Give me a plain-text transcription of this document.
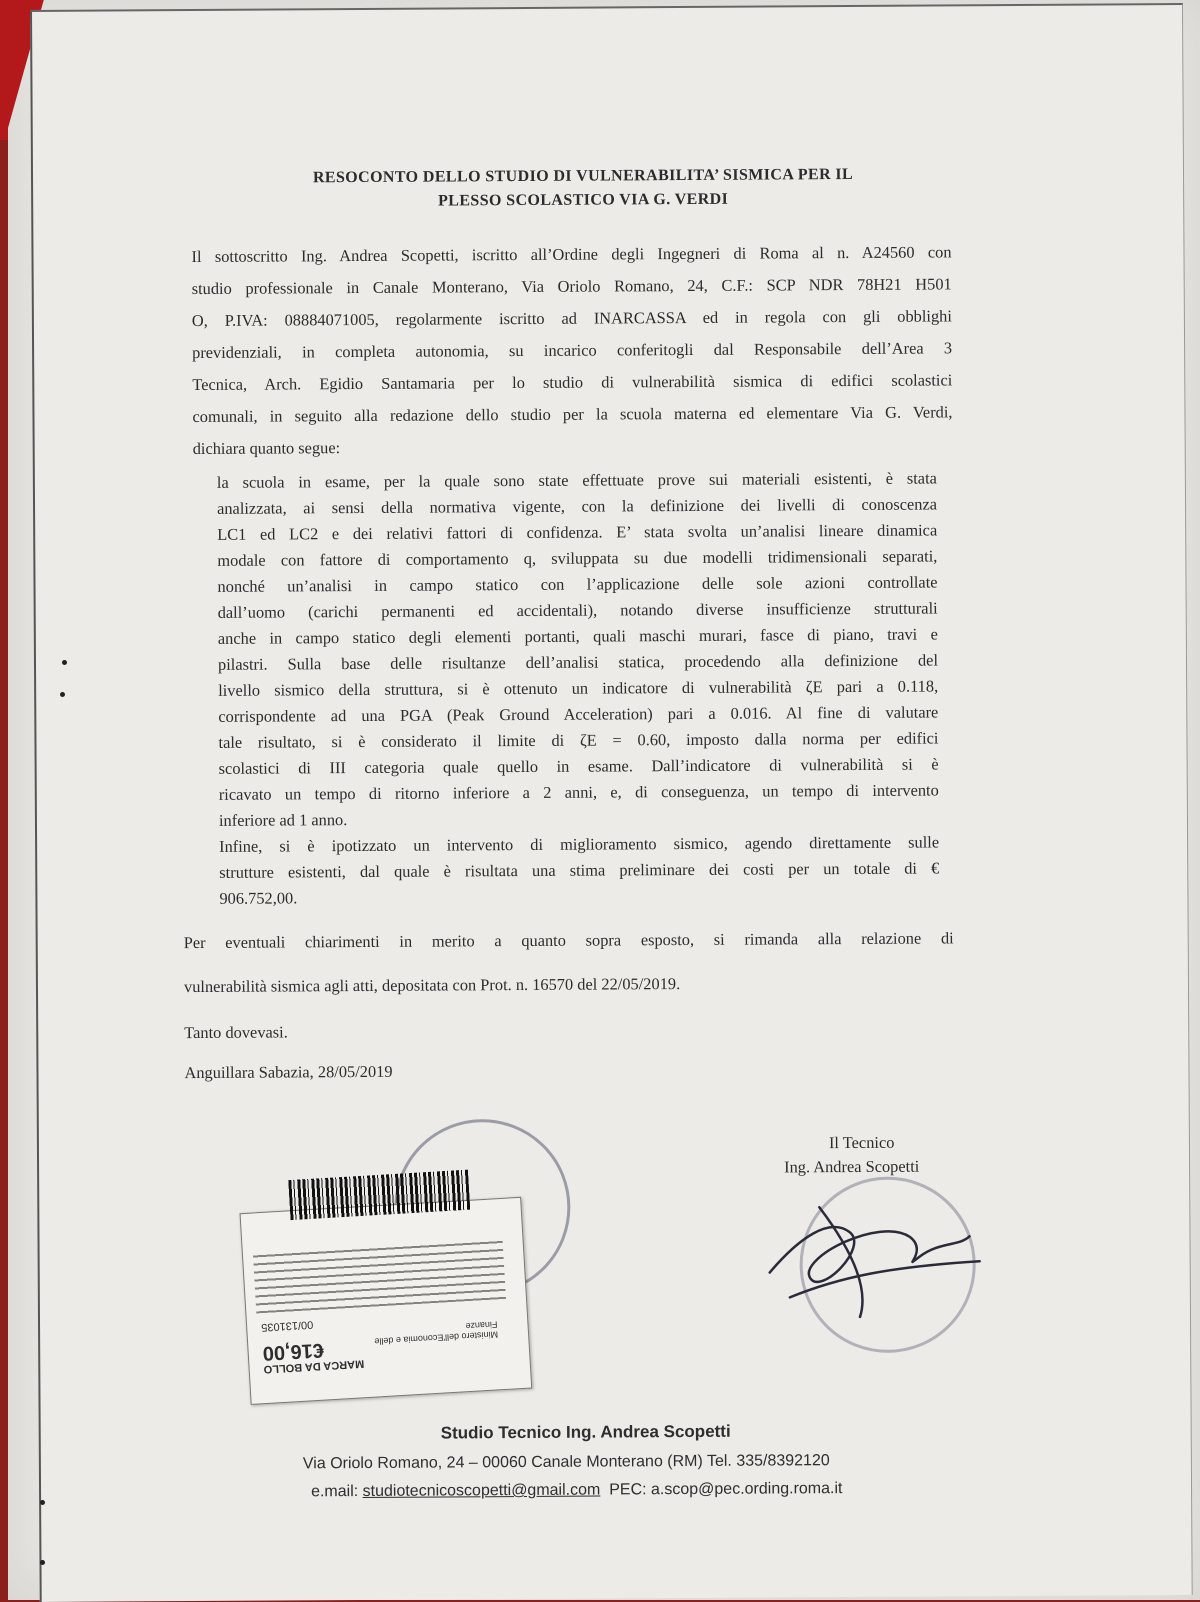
RESOCONTO DELLO STUDIO DI VULNERABILITA’ SISMICA PER IL
PLESSO SCOLASTICO VIA G. VERDI
Il sottoscritto Ing. Andrea Scopetti, iscritto all’Ordine degli Ingegneri di Roma al n. A24560 con
studio professionale in Canale Monterano, Via Oriolo Romano, 24, C.F.: SCP NDR 78H21 H501
O, P.IVA: 08884071005, regolarmente iscritto ad INARCASSA ed in regola con gli obblighi
previdenziali, in completa autonomia, su incarico conferitogli dal Responsabile dell’Area 3
Tecnica, Arch. Egidio Santamaria per lo studio di vulnerabilità sismica di edifici scolastici
comunali, in seguito alla redazione dello studio per la scuola materna ed elementare Via G. Verdi,
dichiara quanto segue:
la scuola in esame, per la quale sono state effettuate prove sui materiali esistenti, è stata
analizzata, ai sensi della normativa vigente, con la definizione dei livelli di conoscenza
LC1 ed LC2 e dei relativi fattori di confidenza. E’ stata svolta un’analisi lineare dinamica
modale con fattore di comportamento q, sviluppata su due modelli tridimensionali separati,
nonché un’analisi in campo statico con l’applicazione delle sole azioni controllate
dall’uomo (carichi permanenti ed accidentali), notando diverse insufficienze strutturali
anche in campo statico degli elementi portanti, quali maschi murari, fasce di piano, travi e
pilastri. Sulla base delle risultanze dell’analisi statica, procedendo alla definizione del
livello sismico della struttura, si è ottenuto un indicatore di vulnerabilità ζE pari a 0.118,
corrispondente ad una PGA (Peak Ground Acceleration) pari a 0.016. Al fine di valutare
tale risultato, si è considerato il limite di ζE = 0.60, imposto dalla norma per edifici
scolastici di III categoria quale quello in esame. Dall’indicatore di vulnerabilità si è
ricavato un tempo di ritorno inferiore a 2 anni, e, di conseguenza, un tempo di intervento
inferiore ad 1 anno.
Infine, si è ipotizzato un intervento di miglioramento sismico, agendo direttamente sulle
strutture esistenti, dal quale è risultata una stima preliminare dei costi per un totale di €
906.752,00.
Per eventuali chiarimenti in merito a quanto sopra esposto, si rimanda alla relazione di
vulnerabilità sismica agli atti, depositata con Prot. n. 16570 del 22/05/2019.
Tanto dovevasi.
Anguillara Sabazia, 28/05/2019
Il Tecnico
Ing. Andrea Scopetti
MARCA DA BOLLO
€16,00
00/131035
Ministero dell'Economia e delle Finanze
Studio Tecnico Ing. Andrea Scopetti
Via Oriolo Romano, 24 – 00060 Canale Monterano (RM) Tel. 335/8392120
e.mail: studiotecnicoscopetti@gmail.com PEC: a.scop@pec.ording.roma.it
